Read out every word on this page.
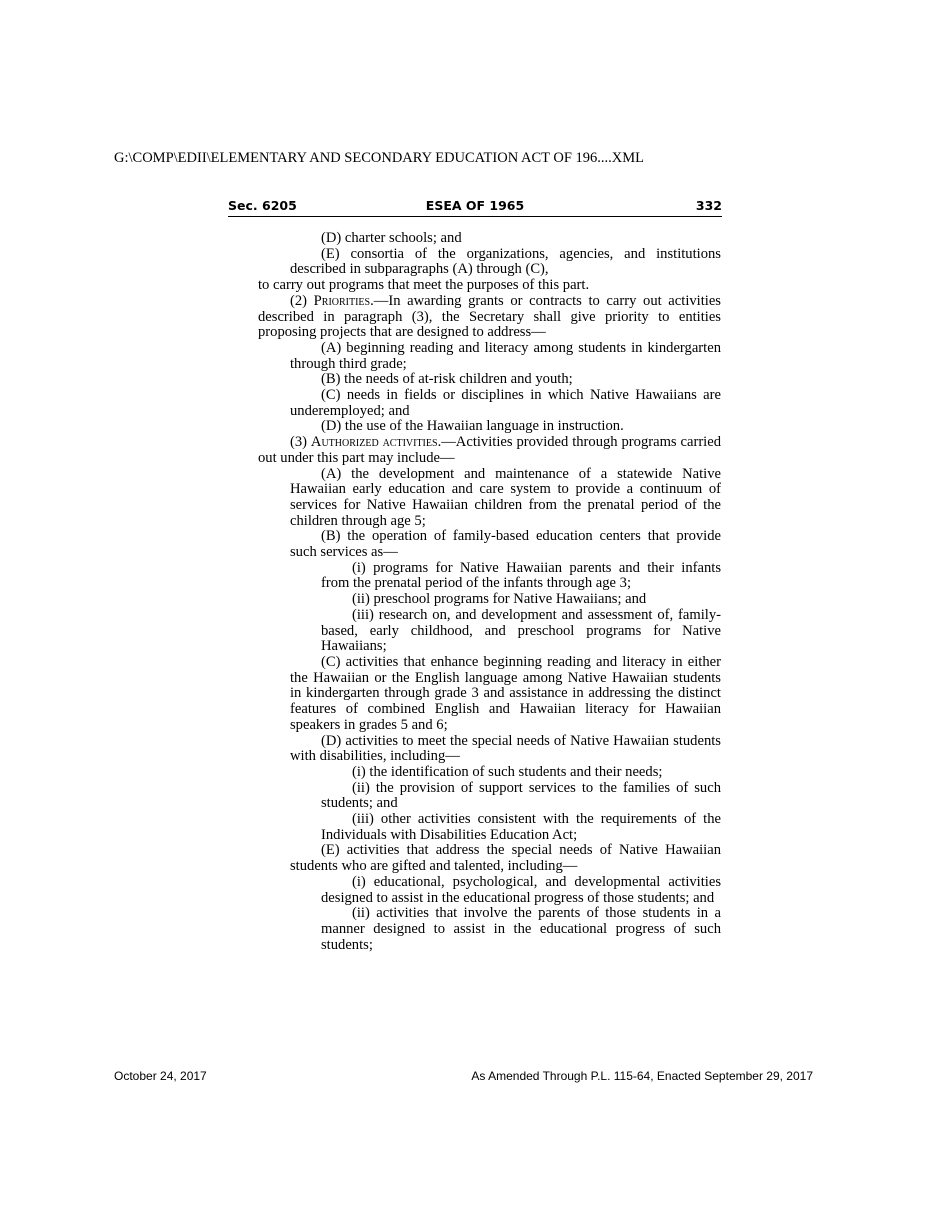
G:\COMP\EDII\ELEMENTARY AND SECONDARY EDUCATION ACT OF 196....XML
Sec. 6205	ESEA OF 1965	332

(D) charter schools; and

(E) consortia of the organizations, agencies, and institutions described in subparagraphs (A) through (C),

to carry out programs that meet the purposes of this part.

(2) Priorities.—In awarding grants or contracts to carry out activities described in paragraph (3), the Secretary shall give priority to entities proposing projects that are designed to address—

(A) beginning reading and literacy among students in kindergarten through third grade;

(B) the needs of at-risk children and youth;

(C) needs in fields or disciplines in which Native Hawaiians are underemployed; and

(D) the use of the Hawaiian language in instruction.

(3) Authorized activities.—Activities provided through programs carried out under this part may include—

(A) the development and maintenance of a statewide Native Hawaiian early education and care system to provide a continuum of services for Native Hawaiian children from the prenatal period of the children through age 5;

(B) the operation of family-based education centers that provide such services as—

(i) programs for Native Hawaiian parents and their infants from the prenatal period of the infants through age 3;

(ii) preschool programs for Native Hawaiians; and

(iii) research on, and development and assessment of, family-based, early childhood, and preschool programs for Native Hawaiians;

(C) activities that enhance beginning reading and literacy in either the Hawaiian or the English language among Native Hawaiian students in kindergarten through grade 3 and assistance in addressing the distinct features of combined English and Hawaiian literacy for Hawaiian speakers in grades 5 and 6;

(D) activities to meet the special needs of Native Hawaiian students with disabilities, including—

(i) the identification of such students and their needs;

(ii) the provision of support services to the families of such students; and

(iii) other activities consistent with the requirements of the Individuals with Disabilities Education Act;

(E) activities that address the special needs of Native Hawaiian students who are gifted and talented, including—

(i) educational, psychological, and developmental activities designed to assist in the educational progress of those students; and

(ii) activities that involve the parents of those students in a manner designed to assist in the educational progress of such students;

October 24, 2017	As Amended Through P.L. 115-64, Enacted September 29, 2017
